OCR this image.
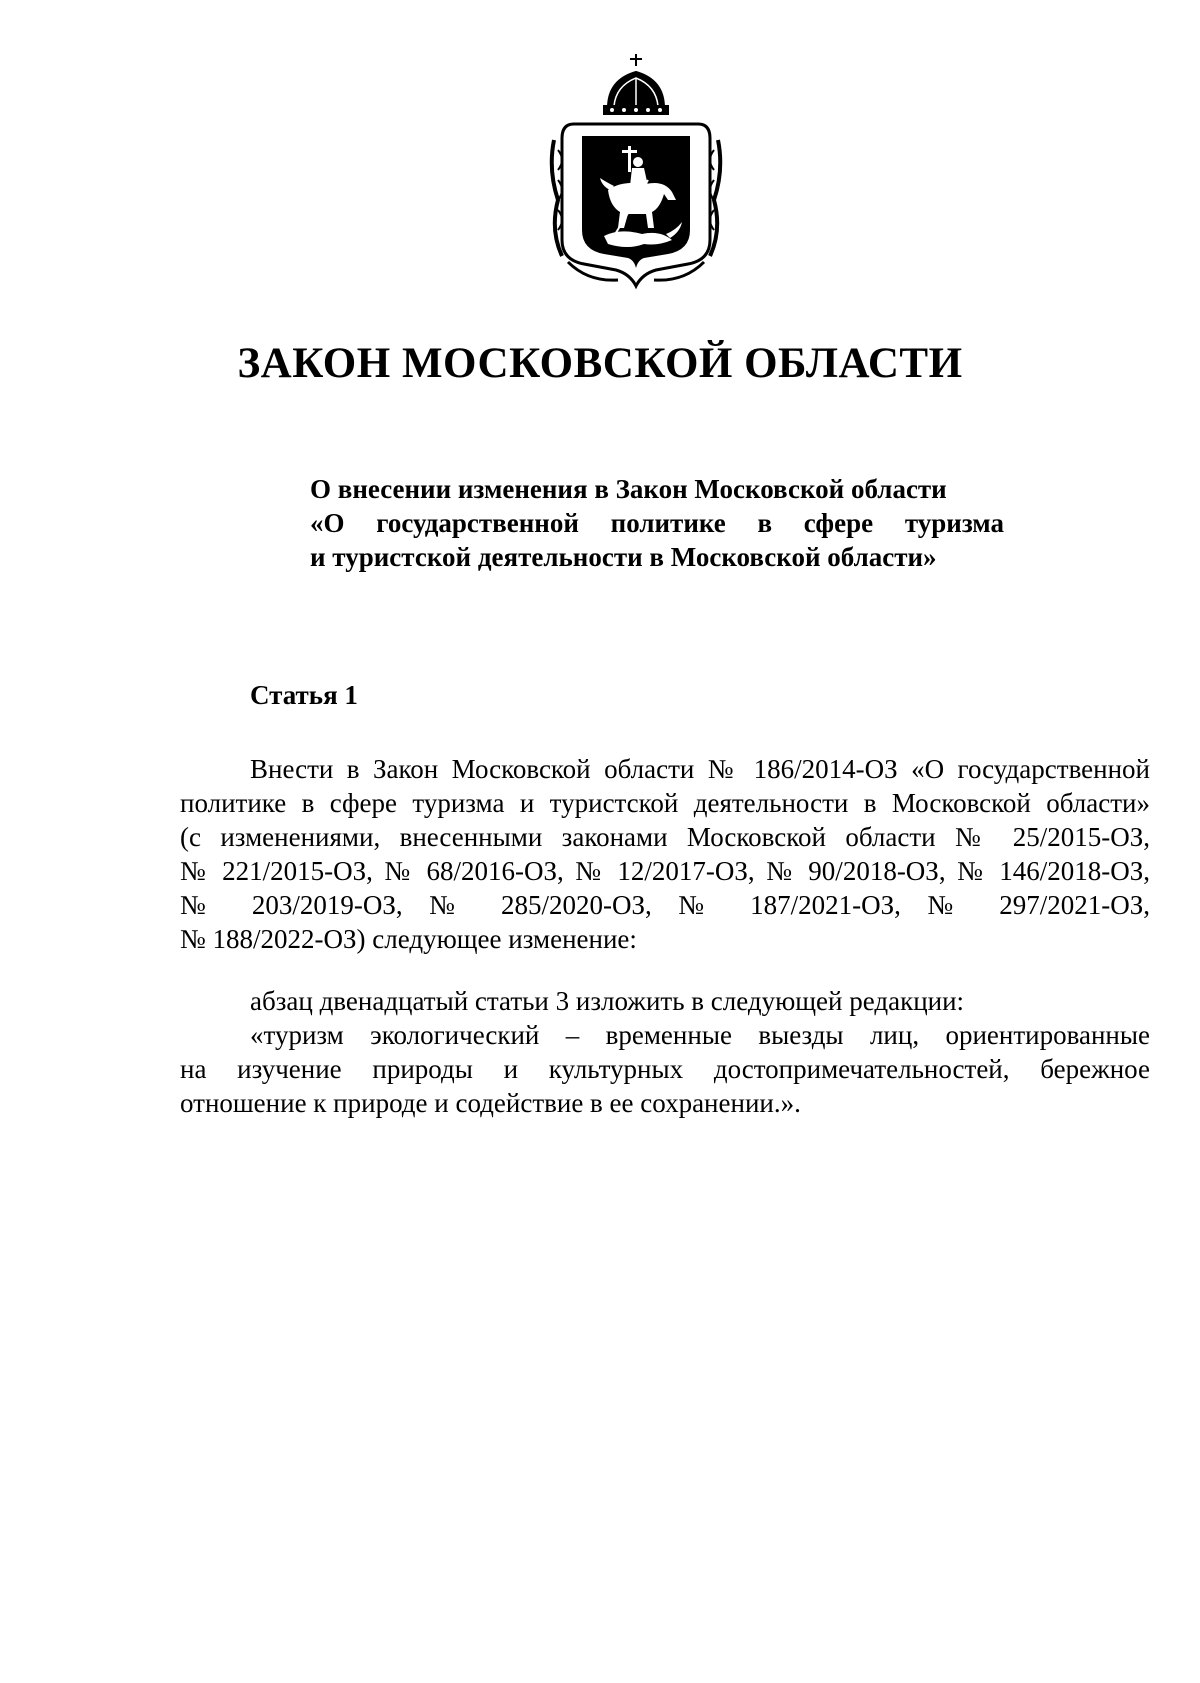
ЗАКОН МОСКОВСКОЙ ОБЛАСТИ
О внесении изменения в Закон Московской области
«О государственной политике в сфере туризма
и туристской деятельности в Московской области»
Статья 1
Внести в Закон Московской области № 186/2014-ОЗ «О государственной
политике в сфере туризма и туристской деятельности в Московской области»
(с изменениями, внесенными законами Московской области № 25/2015-ОЗ,
№ 221/2015-ОЗ, № 68/2016-ОЗ, № 12/2017-ОЗ, № 90/2018-ОЗ, № 146/2018-ОЗ,
№ 203/2019-ОЗ, № 285/2020-ОЗ, № 187/2021-ОЗ, № 297/2021-ОЗ,
№ 188/2022-ОЗ) следующее изменение:
абзац двенадцатый статьи 3 изложить в следующей редакции:
«туризм экологический – временные выезды лиц, ориентированные
на изучение природы и культурных достопримечательностей, бережное
отношение к природе и содействие в ее сохранении.».
